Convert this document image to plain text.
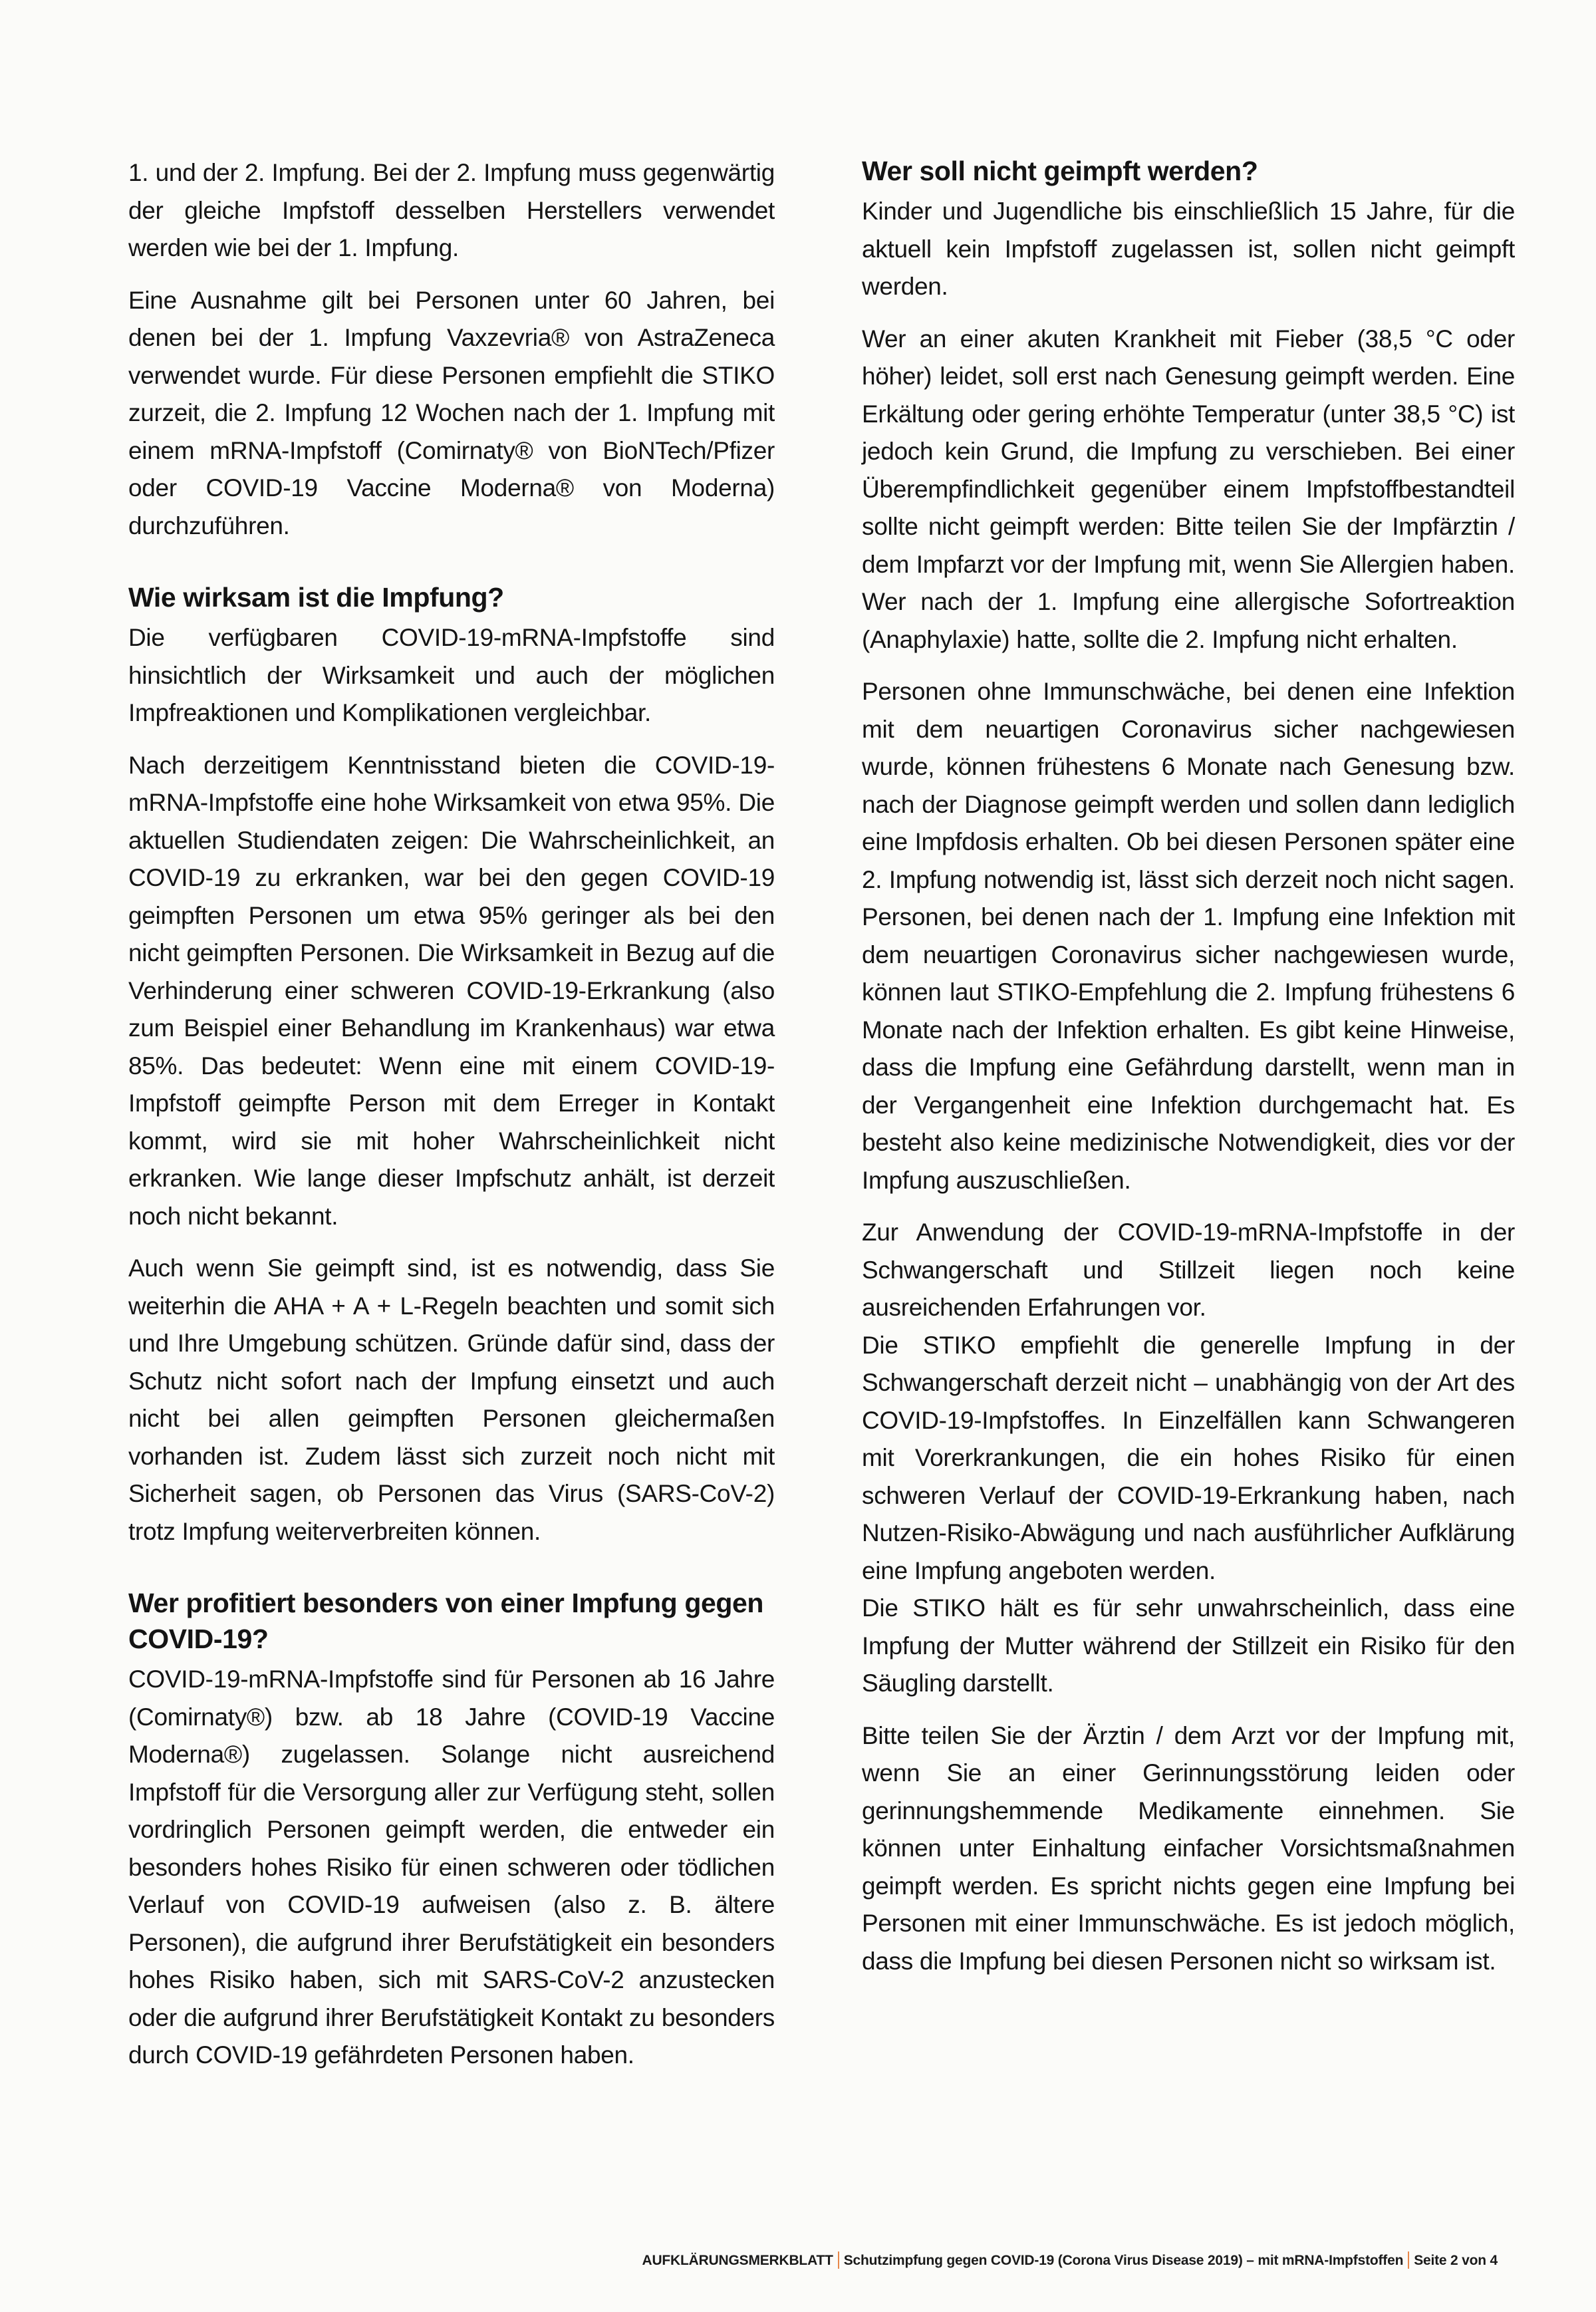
1. und der 2. Impfung. Bei der 2. Impfung muss gegenwärtig der gleiche Impfstoff desselben Herstellers verwendet werden wie bei der 1. Impfung.

Eine Ausnahme gilt bei Personen unter 60 Jahren, bei denen bei der 1. Impfung Vaxzevria® von AstraZeneca verwendet wurde. Für diese Personen empfiehlt die STIKO zurzeit, die 2. Impfung 12 Wochen nach der 1. Impfung mit einem mRNA-Impfstoff (Comirnaty® von BioNTech/Pfizer oder COVID-19 Vaccine Moderna® von Moderna) durchzuführen.

Wie wirksam ist die Impfung?

Die verfügbaren COVID-19-mRNA-Impfstoffe sind hinsichtlich der Wirksamkeit und auch der möglichen Impfreaktionen und Komplikationen vergleichbar.

Nach derzeitigem Kenntnisstand bieten die COVID-19-mRNA-Impfstoffe eine hohe Wirksamkeit von etwa 95%. Die aktuellen Studiendaten zeigen: Die Wahrscheinlichkeit, an COVID-19 zu erkranken, war bei den gegen COVID-19 geimpften Personen um etwa 95% geringer als bei den nicht geimpften Personen. Die Wirksamkeit in Bezug auf die Verhinderung einer schweren COVID-19-Erkrankung (also zum Beispiel einer Behandlung im Krankenhaus) war etwa 85%. Das bedeutet: Wenn eine mit einem COVID-19-Impfstoff geimpfte Person mit dem Erreger in Kontakt kommt, wird sie mit hoher Wahrscheinlichkeit nicht erkranken. Wie lange dieser Impfschutz anhält, ist derzeit noch nicht bekannt.

Auch wenn Sie geimpft sind, ist es notwendig, dass Sie weiterhin die AHA + A + L-Regeln beachten und somit sich und Ihre Umgebung schützen. Gründe dafür sind, dass der Schutz nicht sofort nach der Impfung einsetzt und auch nicht bei allen geimpften Personen gleichermaßen vorhanden ist. Zudem lässt sich zurzeit noch nicht mit Sicherheit sagen, ob Personen das Virus (SARS-CoV-2) trotz Impfung weiterverbreiten können.

Wer profitiert besonders von einer Impfung gegen COVID-19?

COVID-19-mRNA-Impfstoffe sind für Personen ab 16 Jahre (Comirnaty®) bzw. ab 18 Jahre (COVID-19 Vaccine Moderna®) zugelassen. Solange nicht ausreichend Impfstoff für die Versorgung aller zur Verfügung steht, sollen vordringlich Personen geimpft werden, die entweder ein besonders hohes Risiko für einen schweren oder tödlichen Verlauf von COVID-19 aufweisen (also z. B. ältere Personen), die aufgrund ihrer Berufstätigkeit ein besonders hohes Risiko haben, sich mit SARS-CoV-2 anzustecken oder die aufgrund ihrer Berufstätigkeit Kontakt zu besonders durch COVID-19 gefährdeten Personen haben.

Wer soll nicht geimpft werden?

Kinder und Jugendliche bis einschließlich 15 Jahre, für die aktuell kein Impfstoff zugelassen ist, sollen nicht geimpft werden.

Wer an einer akuten Krankheit mit Fieber (38,5 °C oder höher) leidet, soll erst nach Genesung geimpft werden. Eine Erkältung oder gering erhöhte Temperatur (unter 38,5 °C) ist jedoch kein Grund, die Impfung zu verschieben. Bei einer Überempfindlichkeit gegenüber einem Impfstoffbestandteil sollte nicht geimpft werden: Bitte teilen Sie der Impfärztin / dem Impfarzt vor der Impfung mit, wenn Sie Allergien haben. Wer nach der 1. Impfung eine allergische Sofortreaktion (Anaphylaxie) hatte, sollte die 2. Impfung nicht erhalten.

Personen ohne Immunschwäche, bei denen eine Infektion mit dem neuartigen Coronavirus sicher nachgewiesen wurde, können frühestens 6 Monate nach Genesung bzw. nach der Diagnose geimpft werden und sollen dann lediglich eine Impfdosis erhalten. Ob bei diesen Personen später eine 2. Impfung notwendig ist, lässt sich derzeit noch nicht sagen. Personen, bei denen nach der 1. Impfung eine Infektion mit dem neuartigen Coronavirus sicher nachgewiesen wurde, können laut STIKO-Empfehlung die 2. Impfung frühestens 6 Monate nach der Infektion erhalten. Es gibt keine Hinweise, dass die Impfung eine Gefährdung darstellt, wenn man in der Vergangenheit eine Infektion durchgemacht hat. Es besteht also keine medizinische Notwendigkeit, dies vor der Impfung auszuschließen.

Zur Anwendung der COVID-19-mRNA-Impfstoffe in der Schwangerschaft und Stillzeit liegen noch keine ausreichenden Erfahrungen vor.

Die STIKO empfiehlt die generelle Impfung in der Schwangerschaft derzeit nicht – unabhängig von der Art des COVID-19-Impfstoffes. In Einzelfällen kann Schwangeren mit Vorerkrankungen, die ein hohes Risiko für einen schweren Verlauf der COVID-19-Erkrankung haben, nach Nutzen-Risiko-Abwägung und nach ausführlicher Aufklärung eine Impfung angeboten werden.

Die STIKO hält es für sehr unwahrscheinlich, dass eine Impfung der Mutter während der Stillzeit ein Risiko für den Säugling darstellt.

Bitte teilen Sie der Ärztin / dem Arzt vor der Impfung mit, wenn Sie an einer Gerinnungsstörung leiden oder gerinnungshemmende Medikamente einnehmen. Sie können unter Einhaltung einfacher Vorsichtsmaßnahmen geimpft werden. Es spricht nichts gegen eine Impfung bei Personen mit einer Immunschwäche. Es ist jedoch möglich, dass die Impfung bei diesen Personen nicht so wirksam ist.

AUFKLÄRUNGSMERKBLATT Schutzimpfung gegen COVID-19 (Corona Virus Disease 2019) – mit mRNA-Impfstoffen Seite 2 von 4
